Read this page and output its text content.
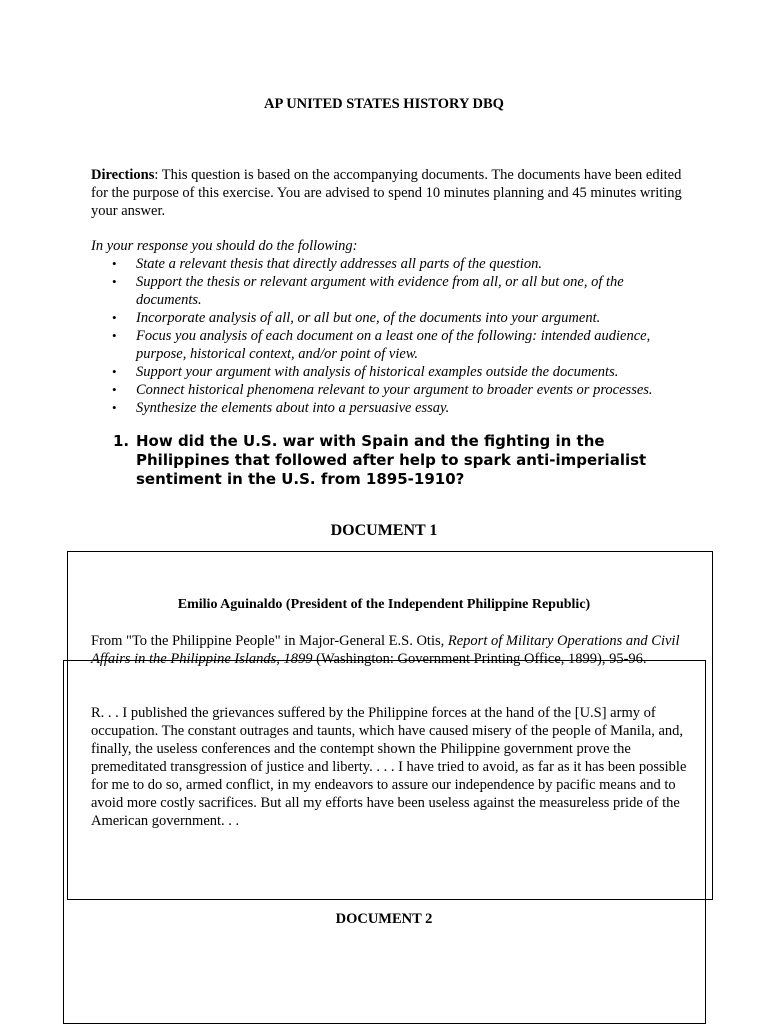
AP UNITED STATES HISTORY DBQ
Directions: This question is based on the accompanying documents. The documents have been edited for the purpose of this exercise. You are advised to spend 10 minutes planning and 45 minutes writing your answer.
In your response you should do the following:
• State a relevant thesis that directly addresses all parts of the question.
• Support the thesis or relevant argument with evidence from all, or all but one, of the documents.
• Incorporate analysis of all, or all but one, of the documents into your argument.
• Focus you analysis of each document on a least one of the following: intended audience, purpose, historical context, and/or point of view.
• Support your argument with analysis of historical examples outside the documents.
• Connect historical phenomena relevant to your argument to broader events or processes.
• Synthesize the elements about into a persuasive essay.
1. How did the U.S. war with Spain and the fighting in the Philippines that followed after help to spark anti-imperialist sentiment in the U.S. from 1895-1910?
DOCUMENT 1
Emilio Aguinaldo (President of the Independent Philippine Republic)
From "To the Philippine People" in Major-General E.S. Otis, Report of Military Operations and Civil Affairs in the Philippine Islands, 1899 (Washington: Government Printing Office, 1899), 95-96.
R. . . I published the grievances suffered by the Philippine forces at the hand of the [U.S] army of occupation. The constant outrages and taunts, which have caused misery of the people of Manila, and, finally, the useless conferences and the contempt shown the Philippine government prove the premeditated transgression of justice and liberty. . . . I have tried to avoid, as far as it has been possible for me to do so, armed conflict, in my endeavors to assure our independence by pacific means and to avoid more costly sacrifices. But all my efforts have been useless against the measureless pride of the American government. . .
DOCUMENT 2
